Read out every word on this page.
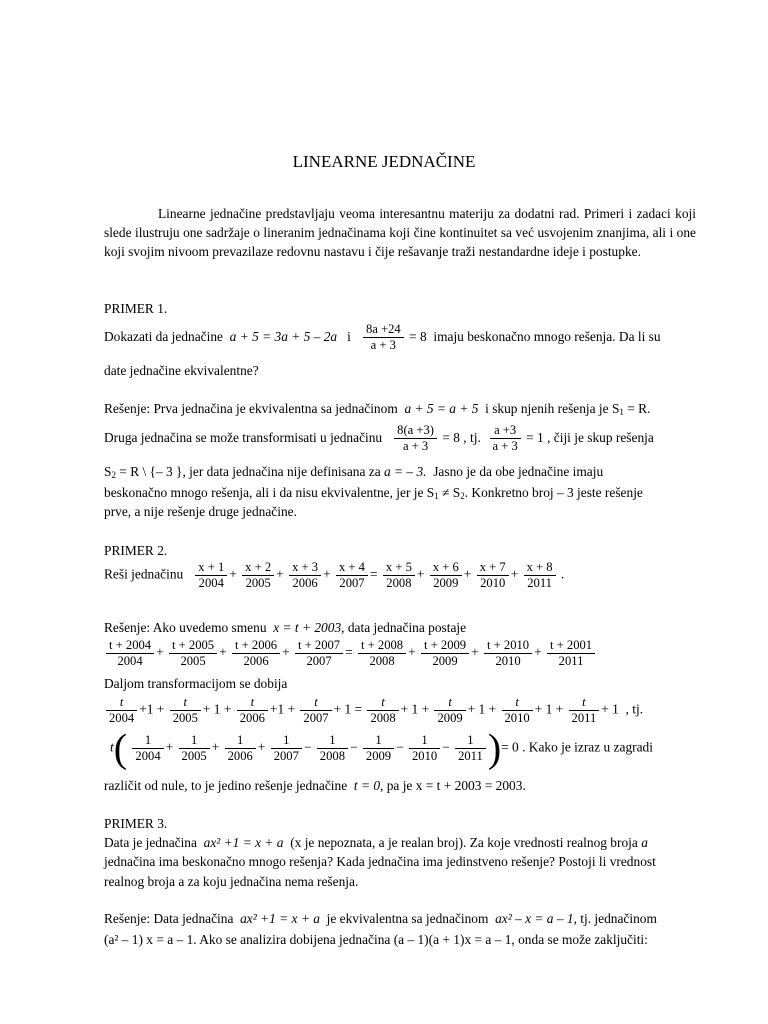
LINEARNE JEDNAČINE
Linearne jednačine predstavljaju veoma interesantnu materiju za dodatni rad. Primeri i zadaci koji slede ilustruju one sadržaje o lineranim jednačinama koji čine kontinuitet sa već usvojenim znanjima, ali i one koji svojim nivoom prevazilaze redovnu nastavu i čije rešavanje traži nestandardne ideje i postupke.
PRIMER 1.
Dokazati da jednačine a + 5 = 3a + 5 – 2a i $\frac{8a +24}{a + 3} = 8$ imaju beskonačno mnogo rešenja. Da li su
date jednačine ekvivalentne?
Rešenje: Prva jednačina je ekvivalentna sa jednačinom a + 5 = a + 5 i skup njenih rešenja je $S_1 = R$.
Druga jednačina se može transformisati u jednačinu $\frac{8(a +3)}{a + 3} = 8$ , tj. $\frac{a +3}{a + 3} = 1$ , čiji je skup rešenja
$S_2 = R$ \ {– 3 }, jer data jednačina nije definisana za a = – 3. Jasno je da obe jednačine imaju
beskonačno mnogo rešenja, ali i da nisu ekvivalentne, jer je $S_1 \ne S_2$. Konkretno broj – 3 jeste rešenje
prve, a nije rešenje druge jednačine.
PRIMER 2.
Reši jednačinu $\frac{x + 1}{2004} + \frac{x + 2}{2005} + \frac{x + 3}{2006} + \frac{x + 4}{2007} = \frac{x + 5}{2008} + \frac{x + 6}{2009} + \frac{x + 7}{2010} + \frac{x + 8}{2011}$ .
Rešenje: Ako uvedemo smenu x = t + 2003, data jednačina postaje
$\frac{t + 2004}{2004} + \frac{t + 2005}{2005} + \frac{t + 2006}{2006} + \frac{t + 2007}{2007} = \frac{t + 2008}{2008} + \frac{t + 2009}{2009} + \frac{t + 2010}{2010} + \frac{t + 2001}{2011}$
Daljom transformacijom se dobija
$\frac{t}{2004} +1 + \frac{t}{2005} + 1 + \frac{t}{2006} +1 + \frac{t}{2007} + 1 = \frac{t}{2008} + 1 + \frac{t}{2009} + 1 + \frac{t}{2010} + 1 + \frac{t}{2011} + 1$  , tj.
$t( \frac{1}{2004} + \frac{1}{2005} + \frac{1}{2006} + \frac{1}{2007} - \frac{1}{2008} - \frac{1}{2009} - \frac{1}{2010} - \frac{1}{2011}$ )= 0 . Kako je izraz u zagradi
različit od nule, to je jedino rešenje jednačine t = 0, pa je x = t + 2003 = 2003.
PRIMER 3.
Data je jednačina ax² +1 = x + a (x je nepoznata, a je realan broj). Za koje vrednosti realnog broja a
jednačina ima beskonačno mnogo rešenja? Kada jednačina ima jedinstveno rešenje? Postoji li vrednost
realnog broja a za koju jednačina nema rešenja.
Rešenje: Data jednačina ax² +1 = x + a je ekvivalentna sa jednačinom ax² – x = a – 1, tj. jednačinom
(a² – 1) x = a – 1. Ako se analizira dobijena jednačina (a – 1)(a + 1)x = a – 1, onda se može zaključiti:
